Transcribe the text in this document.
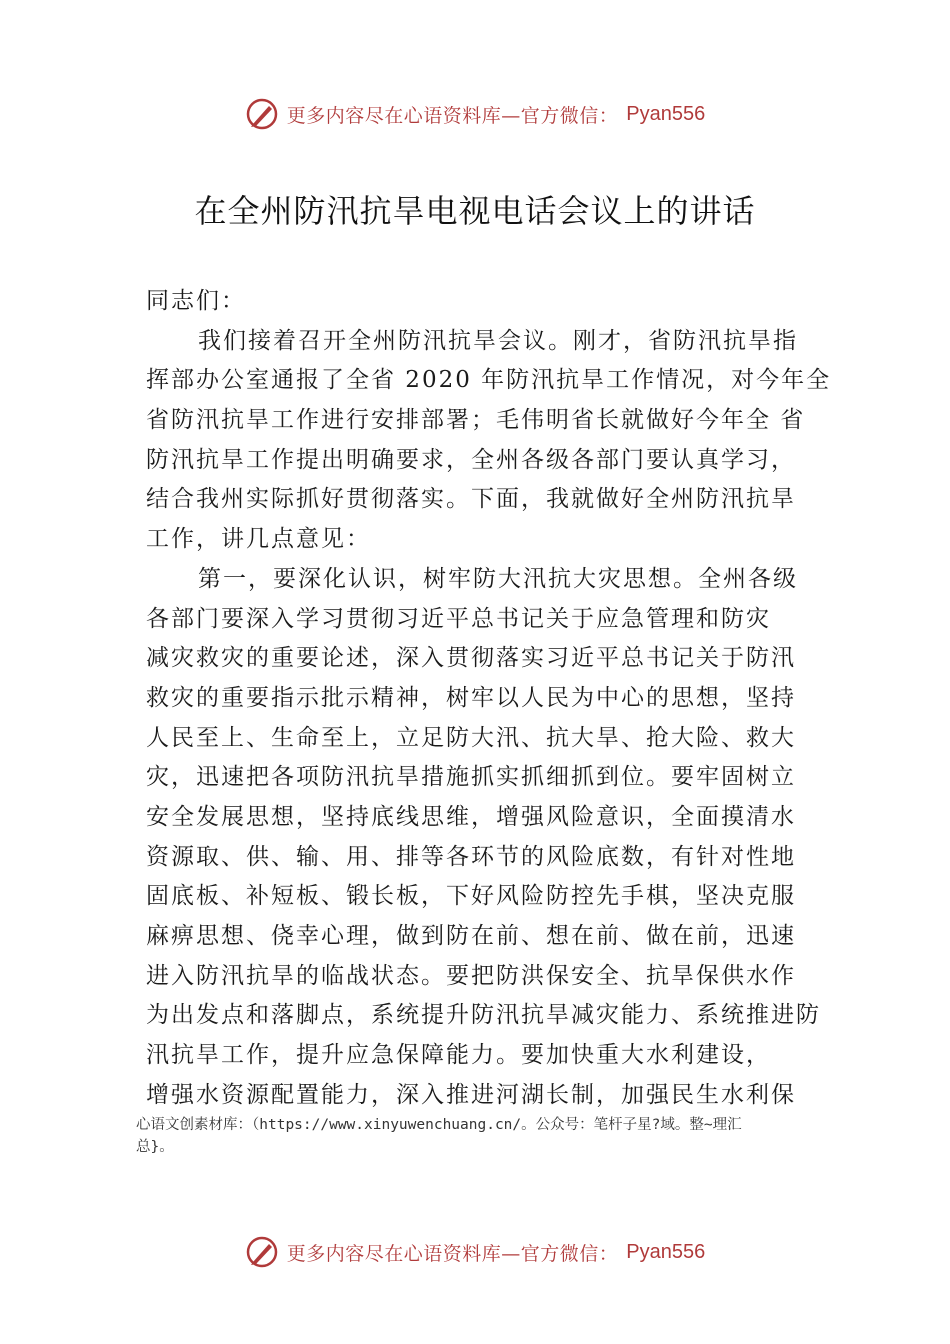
更多内容尽在心语资料库—官方微信： Pyan556
在全州防汛抗旱电视电话会议上的讲话
同志们：
我们接着召开全州防汛抗旱会议。刚才，省防汛抗旱指
挥部办公室通报了全省 2020 年防汛抗旱工作情况，对今年全
省防汛抗旱工作进行安排部署；毛伟明省长就做好今年全 省
防汛抗旱工作提出明确要求，全州各级各部门要认真学习，
结合我州实际抓好贯彻落实。下面，我就做好全州防汛抗旱
工作，讲几点意见：
第一，要深化认识，树牢防大汛抗大灾思想。全州各级
各部门要深入学习贯彻习近平总书记关于应急管理和防灾
减灾救灾的重要论述，深入贯彻落实习近平总书记关于防汛
救灾的重要指示批示精神，树牢以人民为中心的思想，坚持
人民至上、生命至上，立足防大汛、抗大旱、抢大险、救大
灾，迅速把各项防汛抗旱措施抓实抓细抓到位。要牢固树立
安全发展思想，坚持底线思维，增强风险意识，全面摸清水
资源取、供、输、用、排等各环节的风险底数，有针对性地
固底板、补短板、锻长板，下好风险防控先手棋，坚决克服
麻痹思想、侥幸心理，做到防在前、想在前、做在前，迅速
进入防汛抗旱的临战状态。要把防洪保安全、抗旱保供水作
为出发点和落脚点，系统提升防汛抗旱减灾能力、系统推进防
汛抗旱工作，提升应急保障能力。要加快重大水利建设，
增强水资源配置能力，深入推进河湖长制，加强民生水利保
心语文创素材库：（https://www.xinyuwenchuang.cn/。公众号：笔杆子星?域。整~理汇
总}。
更多内容尽在心语资料库—官方微信： Pyan556
